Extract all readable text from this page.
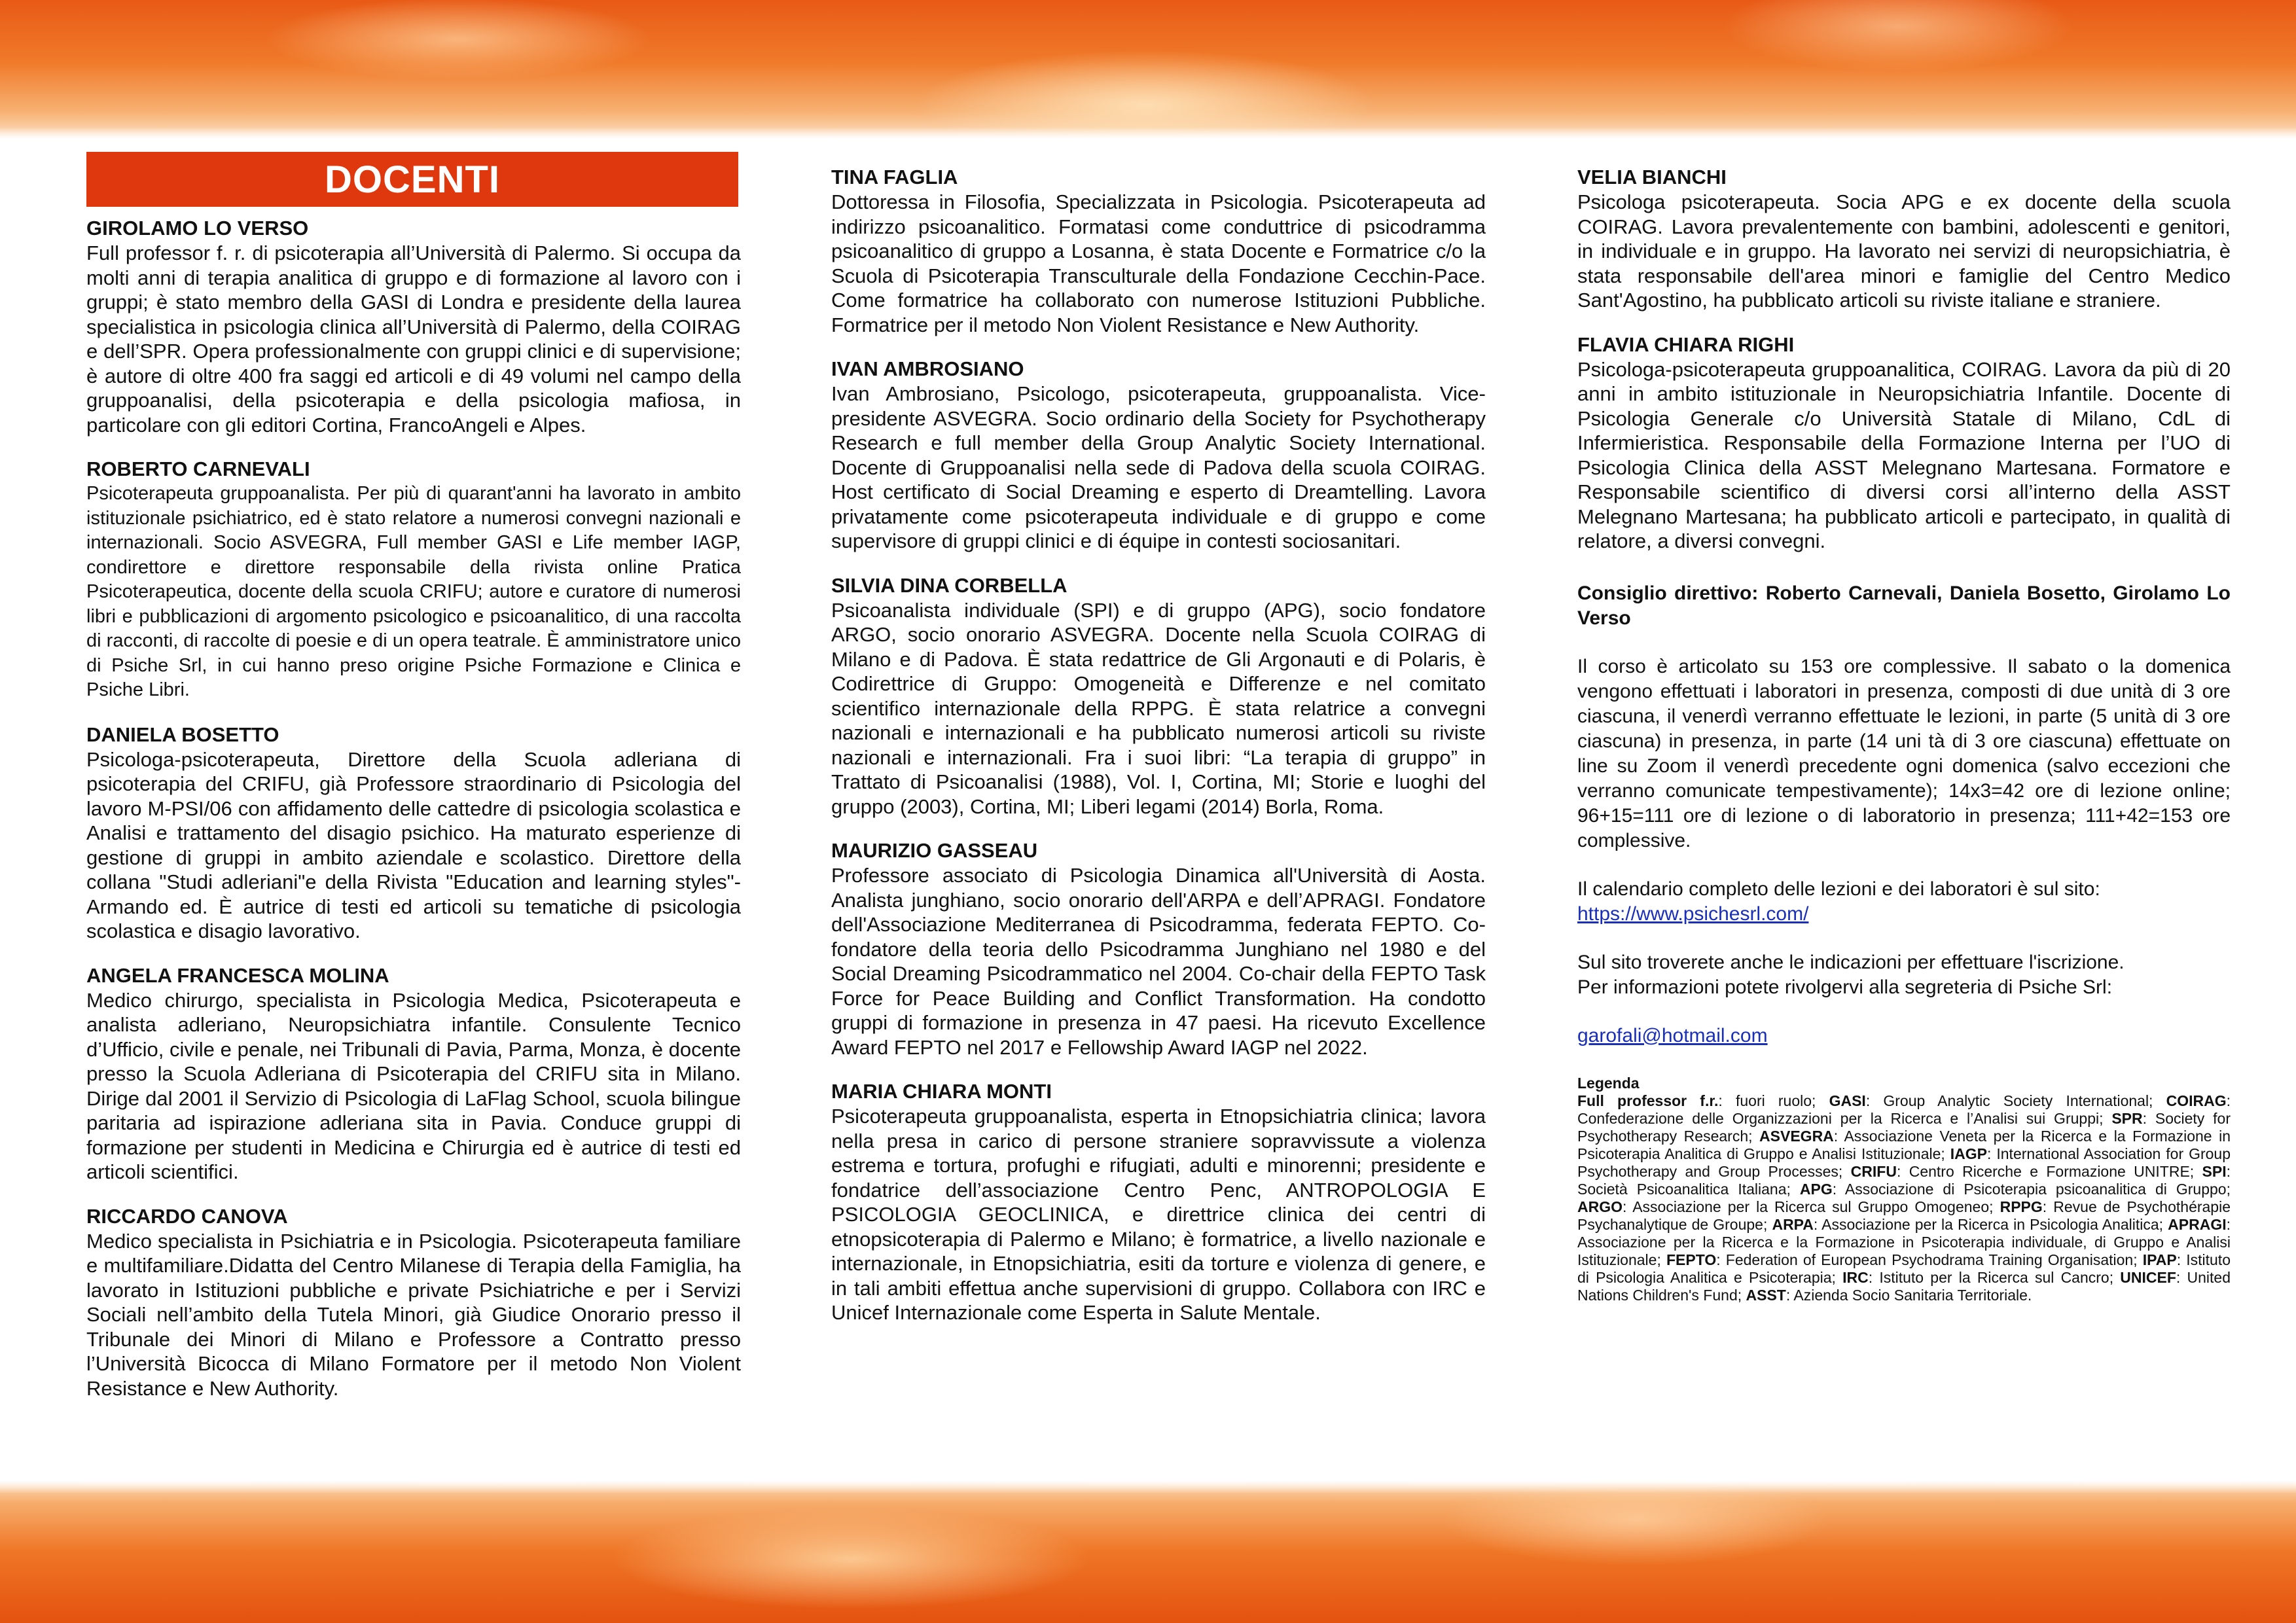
DOCENTI
GIROLAMO LO VERSO
Full professor f. r. di psicoterapia all’Università di Palermo. Si occupa da molti anni di terapia analitica di gruppo e di formazione al lavoro con i gruppi; è stato membro della GASI di Londra e presidente della laurea specialistica in psicologia clinica all’Università di Palermo, della COIRAG e dell’SPR. Opera professionalmente con gruppi clinici e di supervisione; è autore di oltre 400 fra saggi ed articoli e di 49 volumi nel campo della gruppoanalisi, della psicoterapia e della psicologia mafiosa, in particolare con gli editori Cortina, FrancoAngeli e Alpes.
ROBERTO CARNEVALI
Psicoterapeuta gruppoanalista. Per più di quarant'anni ha lavorato in ambito istituzionale psichiatrico, ed è stato relatore a numerosi convegni nazionali e internazionali. Socio ASVEGRA, Full member GASI e Life member IAGP, condirettore e direttore responsabile della rivista online Pratica Psicoterapeutica, docente della scuola CRIFU; autore e curatore di numerosi libri e pubblicazioni di argomento psicologico e psicoanalitico, di una raccolta di racconti, di raccolte di poesie e di un opera teatrale. È amministratore unico di Psiche Srl, in cui hanno preso origine Psiche Formazione e Clinica e Psiche Libri.
DANIELA BOSETTO
Psicologa-psicoterapeuta, Direttore della Scuola adleriana di psicoterapia del CRIFU, già Professore straordinario di Psicologia del lavoro M-PSI/06 con affidamento delle cattedre di psicologia scolastica e Analisi e trattamento del disagio psichico. Ha maturato esperienze di gestione di gruppi in ambito aziendale e scolastico. Direttore della collana "Studi adleriani"e della Rivista "Education and learning styles"- Armando ed. È autrice di testi ed articoli su tematiche di psicologia scolastica e disagio lavorativo.
ANGELA FRANCESCA MOLINA
Medico chirurgo, specialista in Psicologia Medica, Psicoterapeuta e analista adleriano, Neuropsichiatra infantile. Consulente Tecnico d’Ufficio, civile e penale, nei Tribunali di Pavia, Parma, Monza, è docente presso la Scuola Adleriana di Psicoterapia del CRIFU sita in Milano. Dirige dal 2001 il Servizio di Psicologia di LaFlag School, scuola bilingue paritaria ad ispirazione adleriana sita in Pavia. Conduce gruppi di formazione per studenti in Medicina e Chirurgia ed è autrice di testi ed articoli scientifici.
RICCARDO CANOVA
Medico specialista in Psichiatria e in Psicologia. Psicoterapeuta familiare e multifamiliare.Didatta del Centro Milanese di Terapia della Famiglia, ha lavorato in Istituzioni pubbliche e private Psichiatriche e per i Servizi Sociali nell’ambito della Tutela Minori, già Giudice Onorario presso il Tribunale dei Minori di Milano e Professore a Contratto presso l’Università Bicocca di Milano Formatore per il metodo Non Violent Resistance e New Authority.
TINA FAGLIA
Dottoressa in Filosofia, Specializzata in Psicologia. Psicoterapeuta ad indirizzo psicoanalitico. Formatasi come conduttrice di psicodramma psicoanalitico di gruppo a Losanna, è stata Docente e Formatrice c/o la Scuola di Psicoterapia Transculturale della Fondazione Cecchin-Pace. Come formatrice ha collaborato con numerose Istituzioni Pubbliche. Formatrice per il metodo Non Violent Resistance e New Authority.
IVAN AMBROSIANO
Ivan Ambrosiano, Psicologo, psicoterapeuta, gruppoanalista. Vice-presidente ASVEGRA. Socio ordinario della Society for Psychotherapy Research e full member della Group Analytic Society International. Docente di Gruppoanalisi nella sede di Padova della scuola COIRAG. Host certificato di Social Dreaming e esperto di Dreamtelling. Lavora privatamente come psicoterapeuta individuale e di gruppo e come supervisore di gruppi clinici e di équipe in contesti sociosanitari.
SILVIA DINA CORBELLA
Psicoanalista individuale (SPI) e di gruppo (APG), socio fondatore ARGO, socio onorario ASVEGRA. Docente nella Scuola COIRAG di Milano e di Padova. È stata redattrice de Gli Argonauti e di Polaris, è Codirettrice di Gruppo: Omogeneità e Differenze e nel comitato scientifico internazionale della RPPG. È stata relatrice a convegni nazionali e internazionali e ha pubblicato numerosi articoli su riviste nazionali e internazionali. Fra i suoi libri: “La terapia di gruppo” in Trattato di Psicoanalisi (1988), Vol. I, Cortina, MI; Storie e luoghi del gruppo (2003), Cortina, MI; Liberi legami (2014) Borla, Roma.
MAURIZIO GASSEAU
Professore associato di Psicologia Dinamica all'Università di Aosta. Analista junghiano, socio onorario dell'ARPA e dell’APRAGI. Fondatore dell'Associazione Mediterranea di Psicodramma, federata FEPTO. Co-fondatore della teoria dello Psicodramma Junghiano nel 1980 e del Social Dreaming Psicodrammatico nel 2004. Co-chair della FEPTO Task Force for Peace Building and Conflict Transformation. Ha condotto gruppi di formazione in presenza in 47 paesi. Ha ricevuto Excellence Award FEPTO nel 2017 e Fellowship Award IAGP nel 2022.
MARIA CHIARA MONTI
Psicoterapeuta gruppoanalista, esperta in Etnopsichiatria clinica; lavora nella presa in carico di persone straniere sopravvissute a violenza estrema e tortura, profughi e rifugiati, adulti e minorenni; presidente e fondatrice dell’associazione Centro Penc, ANTROPOLOGIA E PSICOLOGIA GEOCLINICA, e direttrice clinica dei centri di etnopsicoterapia di Palermo e Milano; è formatrice, a livello nazionale e internazionale, in Etnopsichiatria, esiti da torture e violenza di genere, e in tali ambiti effettua anche supervisioni di gruppo. Collabora con IRC e Unicef Internazionale come Esperta in Salute Mentale.
VELIA BIANCHI
Psicologa psicoterapeuta. Socia APG e ex docente della scuola COIRAG. Lavora prevalentemente con bambini, adolescenti e genitori, in individuale e in gruppo. Ha lavorato nei servizi di neuropsichiatria, è stata responsabile dell'area minori e famiglie del Centro Medico Sant'Agostino, ha pubblicato articoli su riviste italiane e straniere.
FLAVIA CHIARA RIGHI
Psicologa-psicoterapeuta gruppoanalitica, COIRAG. Lavora da più di 20 anni in ambito istituzionale in Neuropsichiatria Infantile. Docente di Psicologia Generale c/o Università Statale di Milano, CdL di Infermieristica. Responsabile della Formazione Interna per l’UO di Psicologia Clinica della ASST Melegnano Martesana. Formatore e Responsabile scientifico di diversi corsi all’interno della ASST Melegnano Martesana; ha pubblicato articoli e partecipato, in qualità di relatore, a diversi convegni.
Consiglio direttivo: Roberto Carnevali, Daniela Bosetto, Girolamo Lo Verso
Il corso è articolato su 153 ore complessive. Il sabato o la domenica vengono effettuati i laboratori in presenza, composti di due unità di 3 ore ciascuna, il venerdì verranno effettuate le lezioni, in parte (5 unità di 3 ore ciascuna) in presenza, in parte (14 uni tà di 3 ore ciascuna) effettuate on line su Zoom il venerdì precedente ogni domenica (salvo eccezioni che verranno comunicate tempestivamente); 14x3=42 ore di lezione online; 96+15=111 ore di lezione o di laboratorio in presenza; 111+42=153 ore complessive.
Il calendario completo delle lezioni e dei laboratori è sul sito:
https://www.psichesrl.com/
Sul sito troverete anche le indicazioni per effettuare l'iscrizione.
Per informazioni potete rivolgervi alla segreteria di Psiche Srl:
garofali@hotmail.com
Legenda
Full professor f.r.: fuori ruolo; GASI: Group Analytic Society International; COIRAG: Confederazione delle Organizzazioni per la Ricerca e l’Analisi sui Gruppi; SPR: Society for Psychotherapy Research; ASVEGRA: Associazione Veneta per la Ricerca e la Formazione in Psicoterapia Analitica di Gruppo e Analisi Istituzionale; IAGP: International Association for Group Psychotherapy and Group Processes; CRIFU: Centro Ricerche e Formazione UNITRE; SPI: Società Psicoanalitica Italiana; APG: Associazione di Psicoterapia psicoanalitica di Gruppo; ARGO: Associazione per la Ricerca sul Gruppo Omogeneo; RPPG: Revue de Psychothérapie Psychanalytique de Groupe; ARPA: Associazione per la Ricerca in Psicologia Analitica; APRAGI: Associazione per la Ricerca e la Formazione in Psicoterapia individuale, di Gruppo e Analisi Istituzionale; FEPTO: Federation of European Psychodrama Training Organisation; IPAP: Istituto di Psicologia Analitica e Psicoterapia; IRC: Istituto per la Ricerca sul Cancro; UNICEF: United Nations Children's Fund; ASST: Azienda Socio Sanitaria Territoriale.
